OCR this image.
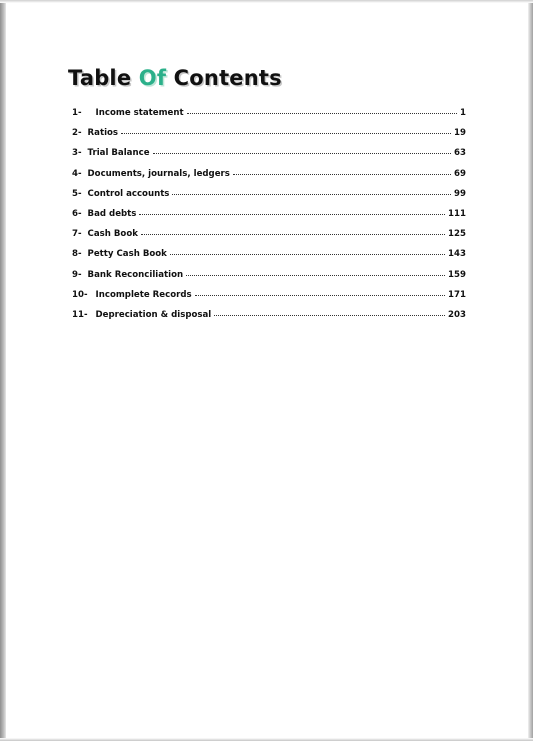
Table Of Contents
1- Income statement	1
2- Ratios	19
3- Trial Balance	63
4- Documents, journals, ledgers	69
5- Control accounts	99
6- Bad debts	111
7- Cash Book	125
8- Petty Cash Book	143
9- Bank Reconciliation	159
10- Incomplete Records	171
11- Depreciation & disposal	203
